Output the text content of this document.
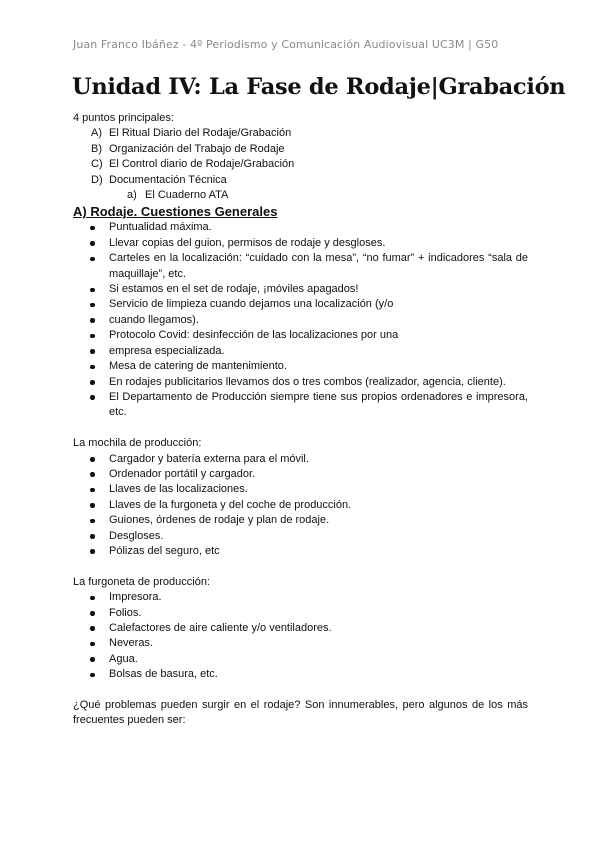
Juan Franco Ibáñez - 4º Periodismo y Comunicación Audiovisual UC3M | G50
Unidad IV: La Fase de Rodaje|Grabación

4 puntos principales:

A) El Ritual Diario del Rodaje/Grabación
B) Organización del Trabajo de Rodaje
C) El Control diario de Rodaje/Grabación
D) Documentación Técnica
a) El Cuaderno ATA

A) Rodaje. Cuestiones Generales

Puntualidad máxima.
Llevar copias del guion, permisos de rodaje y desgloses.
Carteles en la localización: “cuidado con la mesa”, “no fumar” + indicadores “sala de maquillaje”, etc.
Si estamos en el set de rodaje, ¡móviles apagados!
Servicio de limpieza cuando dejamos una localización (y/o
cuando llegamos).
Protocolo Covid: desinfección de las localizaciones por una
empresa especializada.
Mesa de catering de mantenimiento.
En rodajes publicitarios llevamos dos o tres combos (realizador, agencia, cliente).
El Departamento de Producción siempre tiene sus propios ordenadores e impresora, etc.

La mochila de producción:

Cargador y batería externa para el móvil.
Ordenador portátil y cargador.
Llaves de las localizaciones.
Llaves de la furgoneta y del coche de producción.
Guiones, órdenes de rodaje y plan de rodaje.
Desgloses.
Pólizas del seguro, etc

La furgoneta de producción:

Impresora.
Folios.
Calefactores de aire caliente y/o ventiladores.
Neveras.
Agua.
Bolsas de basura, etc.

¿Qué problemas pueden surgir en el rodaje? Son innumerables, pero algunos de los más frecuentes pueden ser:
